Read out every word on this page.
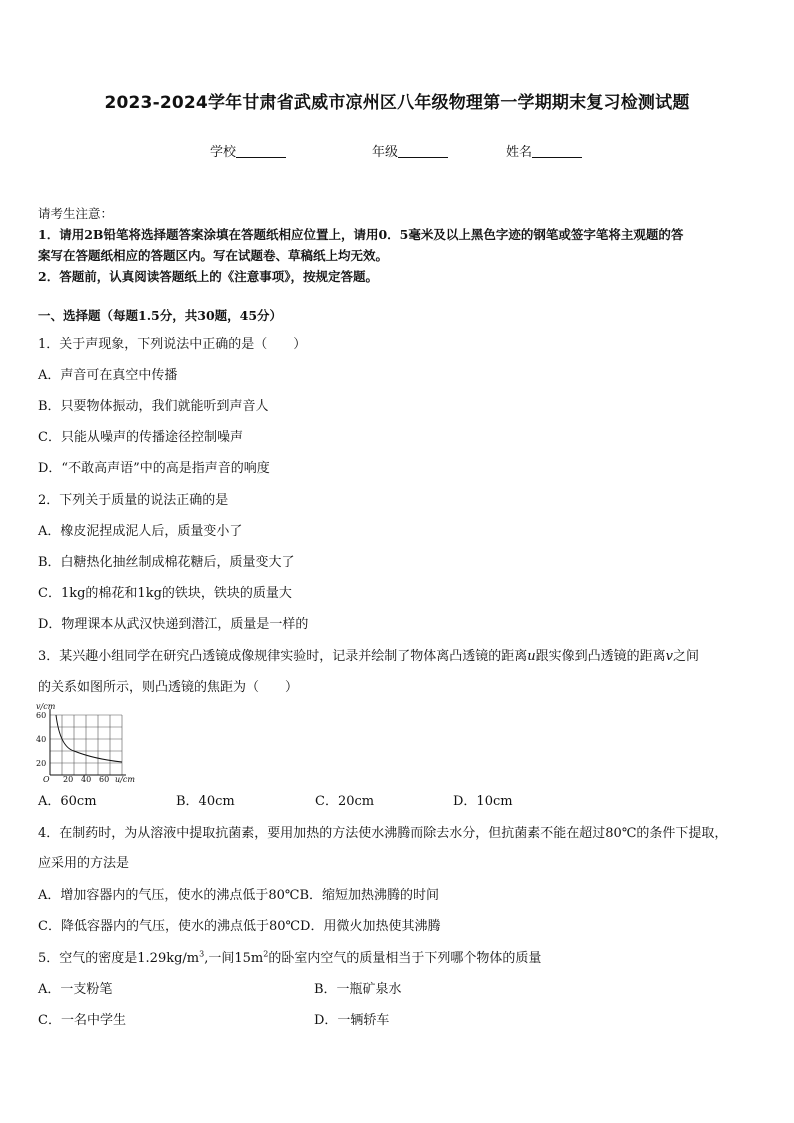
2023-2024学年甘肃省武威市凉州区八年级物理第一学期期末复习检测试题
学校	年级	姓名
请考生注意：
1．请用2B铅笔将选择题答案涂填在答题纸相应位置上，请用0．5毫米及以上黑色字迹的钢笔或签字笔将主观题的答
案写在答题纸相应的答题区内。写在试题卷、草稿纸上均无效。
2．答题前，认真阅读答题纸上的《注意事项》，按规定答题。
一、选择题（每题1.5分，共30题，45分）
1．关于声现象，下列说法中正确的是（　　）
A．声音可在真空中传播
B．只要物体振动，我们就能听到声音人
C．只能从噪声的传播途径控制噪声
D．“不敢高声语”中的高是指声音的响度
2．下列关于质量的说法正确的是
A．橡皮泥捏成泥人后，质量变小了
B．白糖热化抽丝制成棉花糖后，质量变大了
C．1kg的棉花和1kg的铁块，铁块的质量大
D．物理课本从武汉快递到潜江，质量是一样的
3．某兴趣小组同学在研究凸透镜成像规律实验时，记录并绘制了物体离凸透镜的距离u跟实像到凸透镜的距离v之间
的关系如图所示，则凸透镜的焦距为（　　）
v/cm
60
40
20
O 20 40 60 u/cm
A．60cm	B．40cm	C．20cm	D．10cm
4．在制药时，为从溶液中提取抗菌素，要用加热的方法使水沸腾而除去水分，但抗菌素不能在超过80℃的条件下提取，
应采用的方法是
A．增加容器内的气压，使水的沸点低于80℃B．缩短加热沸腾的时间
C．降低容器内的气压，使水的沸点低于80℃D．用微火加热使其沸腾
5．空气的密度是$1.29kg/m^3$,一间$15m^2$的卧室内空气的质量相当于下列哪个物体的质量
A．一支粉笔	B．一瓶矿泉水
C．一名中学生	D．一辆轿车
